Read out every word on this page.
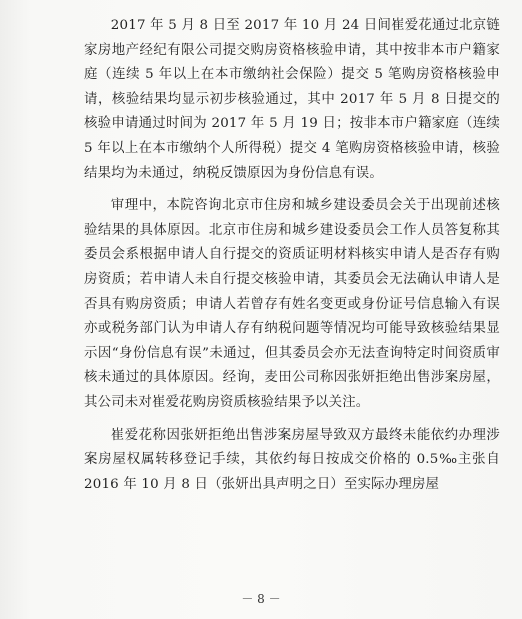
2017 年 5 月 8 日至 2017 年 10 月 24 日间崔爱花通过北京链家房地产经纪有限公司提交购房资格核验申请，其中按非本市户籍家庭（连续 5 年以上在本市缴纳社会保险）提交 5 笔购房资格核验申请，核验结果均显示初步核验通过，其中 2017 年 5 月 8 日提交的核验申请通过时间为 2017 年 5 月 19 日；按非本市户籍家庭（连续 5 年以上在本市缴纳个人所得税）提交 4 笔购房资格核验申请，核验结果均为未通过，纳税反馈原因为身份信息有误。

审理中，本院咨询北京市住房和城乡建设委员会关于出现前述核验结果的具体原因。北京市住房和城乡建设委员会工作人员答复称其委员会系根据申请人自行提交的资质证明材料核实申请人是否存有购房资质；若申请人未自行提交核验申请，其委员会无法确认申请人是否具有购房资质；申请人若曾存有姓名变更或身份证号信息输入有误亦或税务部门认为申请人存有纳税问题等情况均可能导致核验结果显示因“身份信息有误”未通过，但其委员会亦无法查询特定时间资质审核未通过的具体原因。经询，麦田公司称因张妍拒绝出售涉案房屋，其公司未对崔爱花购房资质核验结果予以关注。

崔爱花称因张妍拒绝出售涉案房屋导致双方最终未能依约办理涉案房屋权属转移登记手续，其依约每日按成交价格的 0.5‰主张自 2016 年 10 月 8 日（张妍出具声明之日）至实际办理房屋

－ 8 －
